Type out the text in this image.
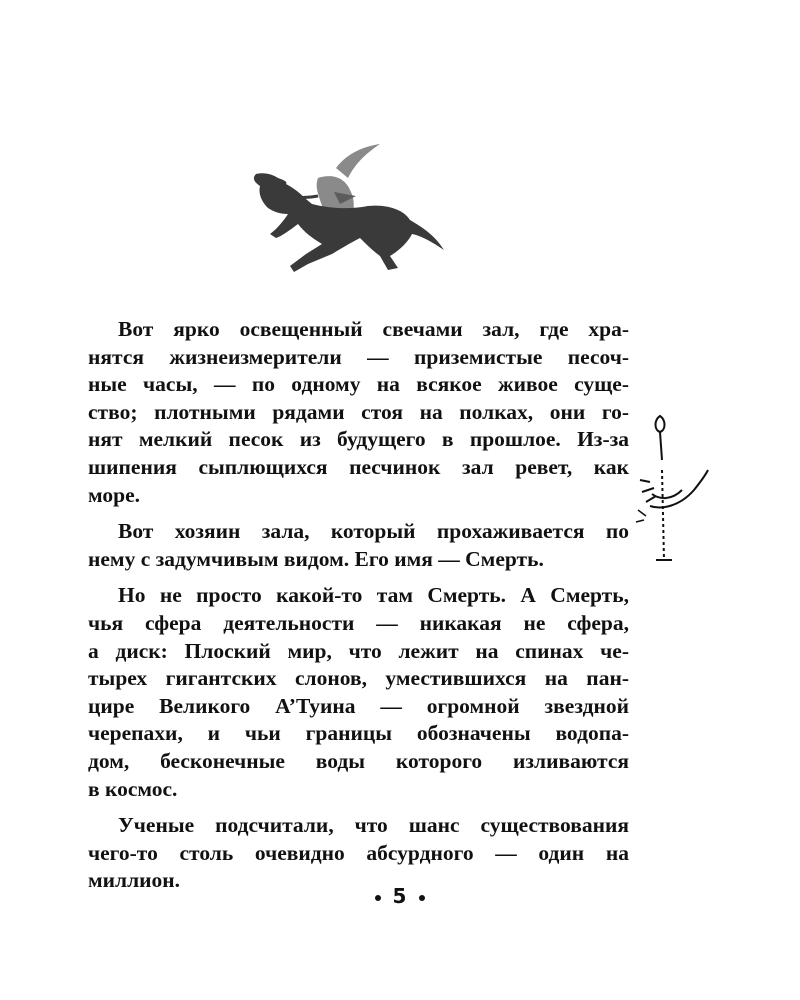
Вот ярко освещенный свечами зал, где хра-
нятся жизнеизмерители — приземистые песоч-
ные часы, — по одному на всякое живое суще-
ство; плотными рядами стоя на полках, они го-
нят мелкий песок из будущего в прошлое. Из-за
шипения сыплющихся песчинок зал ревет, как
море.
Вот хозяин зала, который прохаживается по
нему с задумчивым видом. Его имя — Смерть.
Но не просто какой-то там Смерть. А Смерть,
чья сфера деятельности — никакая не сфера,
а диск: Плоский мир, что лежит на спинах че-
тырех гигантских слонов, уместившихся на пан-
цире Великого А’Туина — огромной звездной
черепахи, и чьи границы обозначены водопа-
дом, бесконечные воды которого изливаются
в космос.
Ученые подсчитали, что шанс существования
чего-то столь очевидно абсурдного — один на
миллион.
5
